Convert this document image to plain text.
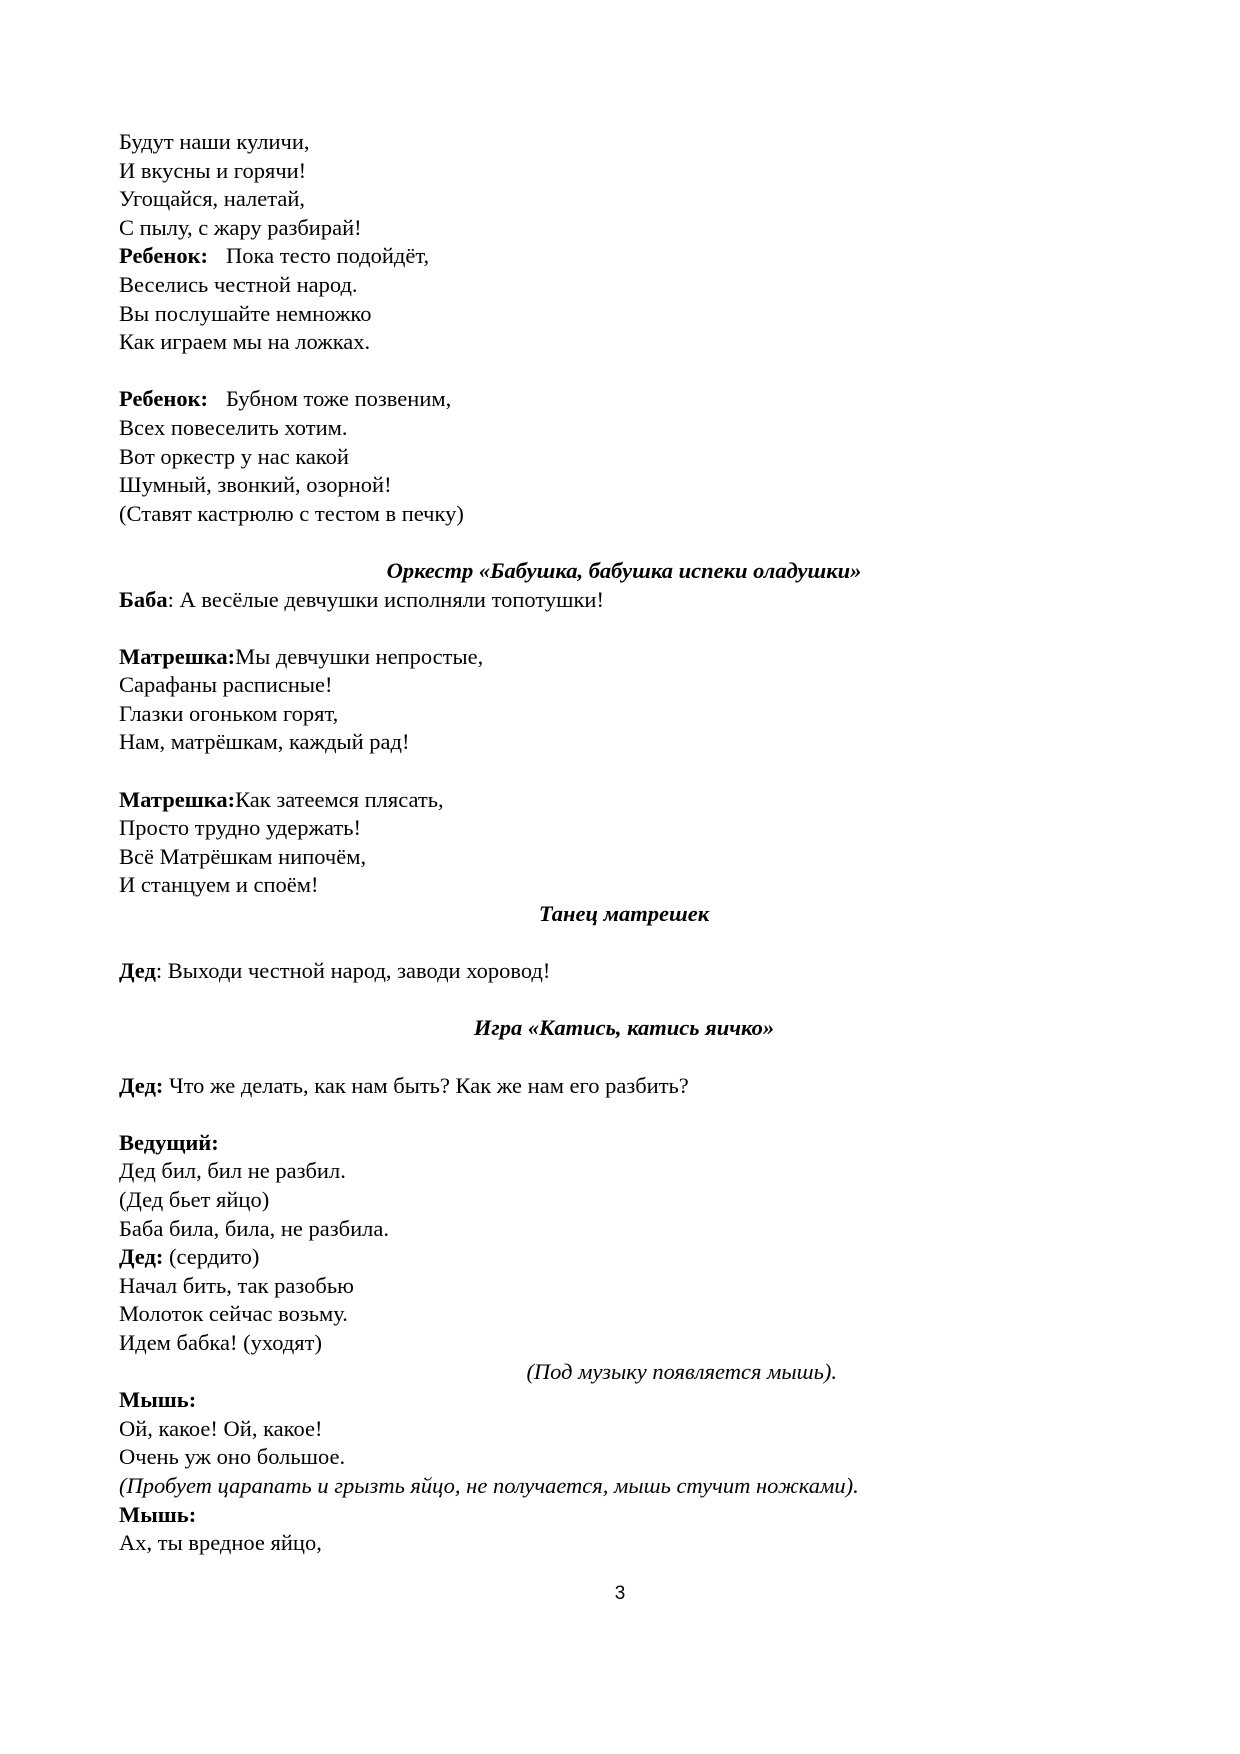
Будут наши куличи,
И вкусны и горячи!
Угощайся, налетай,
С пылу, с жару разбирай!
Ребенок: Пока тесто подойдёт,
Веселись честной народ.
Вы послушайте немножко
Как играем мы на ложках.
Ребенок: Бубном тоже позвеним,
Всех повеселить хотим.
Вот оркестр у нас какой
Шумный, звонкий, озорной!
(Ставят кастрюлю с тестом в печку)
Оркестр «Бабушка, бабушка испеки оладушки»
Баба: А весёлые девчушки исполняли топотушки!
Матрешка:Мы девчушки непростые,
Сарафаны расписные!
Глазки огоньком горят,
Нам, матрёшкам, каждый рад!
Матрешка:Как затеемся плясать,
Просто трудно удержать!
Всё Матрёшкам нипочём,
И станцуем и споём!
Танец матрешек
Дед: Выходи честной народ, заводи хоровод!
Игра «Катись, катись яичко»
Дед: Что же делать, как нам быть? Как же нам его разбить?
Ведущий:
Дед бил, бил не разбил.
(Дед бьет яйцо)
Баба била, била, не разбила.
Дед: (сердито)
Начал бить, так разобью
Молоток сейчас возьму.
Идем бабка! (уходят)
(Под музыку появляется мышь).
Мышь:
Ой, какое! Ой, какое!
Очень уж оно большое.
(Пробует царапать и грызть яйцо, не получается, мышь стучит ножками).
Мышь:
Ах, ты вредное яйцо,
3
